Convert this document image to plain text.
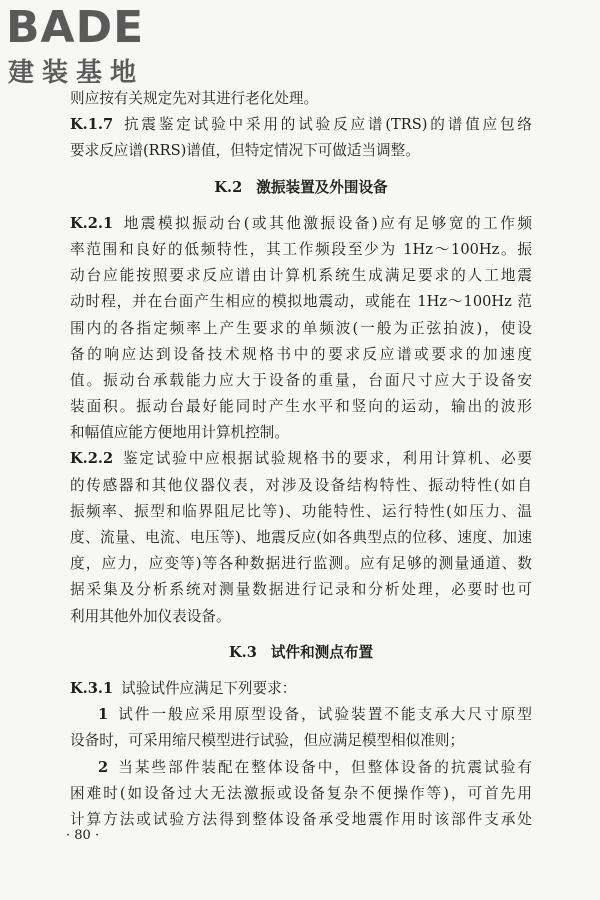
BADE
建装基地
则应按有关规定先对其进行老化处理。
K.1.7 抗震鉴定试验中采用的试验反应谱(TRS)的谱值应包络
要求反应谱(RRS)谱值，但特定情况下可做适当调整。
K.2 激振装置及外围设备
K.2.1 地震模拟振动台(或其他激振设备)应有足够宽的工作频
率范围和良好的低频特性，其工作频段至少为 1Hz～100Hz。振
动台应能按照要求反应谱由计算机系统生成满足要求的人工地震
动时程，并在台面产生相应的模拟地震动，或能在 1Hz～100Hz 范
围内的各指定频率上产生要求的单频波(一般为正弦拍波)，使设
备的响应达到设备技术规格书中的要求反应谱或要求的加速度
值。振动台承载能力应大于设备的重量，台面尺寸应大于设备安
装面积。振动台最好能同时产生水平和竖向的运动，输出的波形
和幅值应能方便地用计算机控制。
K.2.2 鉴定试验中应根据试验规格书的要求，利用计算机、必要
的传感器和其他仪器仪表，对涉及设备结构特性、振动特性(如自
振频率、振型和临界阻尼比等)、功能特性、运行特性(如压力、温
度、流量、电流、电压等)、地震反应(如各典型点的位移、速度、加速
度，应力，应变等)等各种数据进行监测。应有足够的测量通道、数
据采集及分析系统对测量数据进行记录和分析处理，必要时也可
利用其他外加仪表设备。
K.3 试件和测点布置
K.3.1 试验试件应满足下列要求：
1 试件一般应采用原型设备，试验装置不能支承大尺寸原型
设备时，可采用缩尺模型进行试验，但应满足模型相似准则；
2 当某些部件装配在整体设备中，但整体设备的抗震试验有
困难时(如设备过大无法激振或设备复杂不便操作等)，可首先用
计算方法或试验方法得到整体设备承受地震作用时该部件支承处
· 80 ·
